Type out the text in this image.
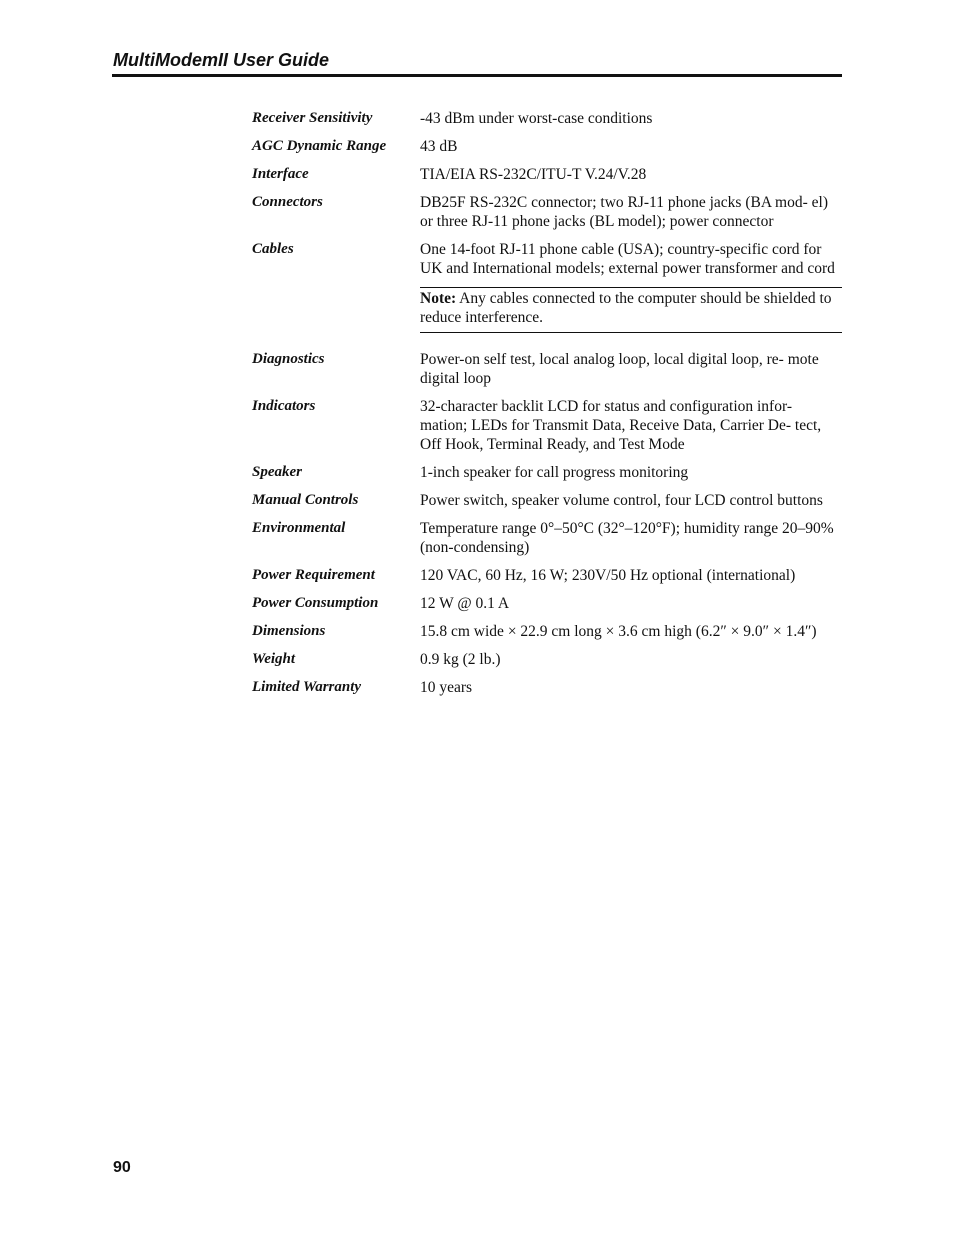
MultiModemII User Guide
Receiver Sensitivity	-43 dBm under worst-case conditions
AGC Dynamic Range	43 dB
Interface	TIA/EIA RS-232C/ITU-T V.24/V.28
Connectors	DB25F RS-232C connector; two RJ-11 phone jacks (BA mod- el) or three RJ-11 phone jacks (BL model); power connector
Cables	One 14-foot RJ-11 phone cable (USA); country-specific cord for UK and International models; external power transformer and cord
Note: Any cables connected to the computer should be shielded to reduce interference.
Diagnostics	Power-on self test, local analog loop, local digital loop, re- mote digital loop
Indicators	32-character backlit LCD for status and configuration infor- mation; LEDs for Transmit Data, Receive Data, Carrier De- tect, Off Hook, Terminal Ready, and Test Mode
Speaker	1-inch speaker for call progress monitoring
Manual Controls	Power switch, speaker volume control, four LCD control buttons
Environmental	Temperature range 0°–50°C (32°–120°F); humidity range 20–90% (non-condensing)
Power Requirement	120 VAC, 60 Hz, 16 W; 230V/50 Hz optional (international)
Power Consumption	12 W @ 0.1 A
Dimensions	15.8 cm wide × 22.9 cm long × 3.6 cm high (6.2″ × 9.0″ × 1.4″)
Weight	0.9 kg (2 lb.)
Limited Warranty	10 years
90
